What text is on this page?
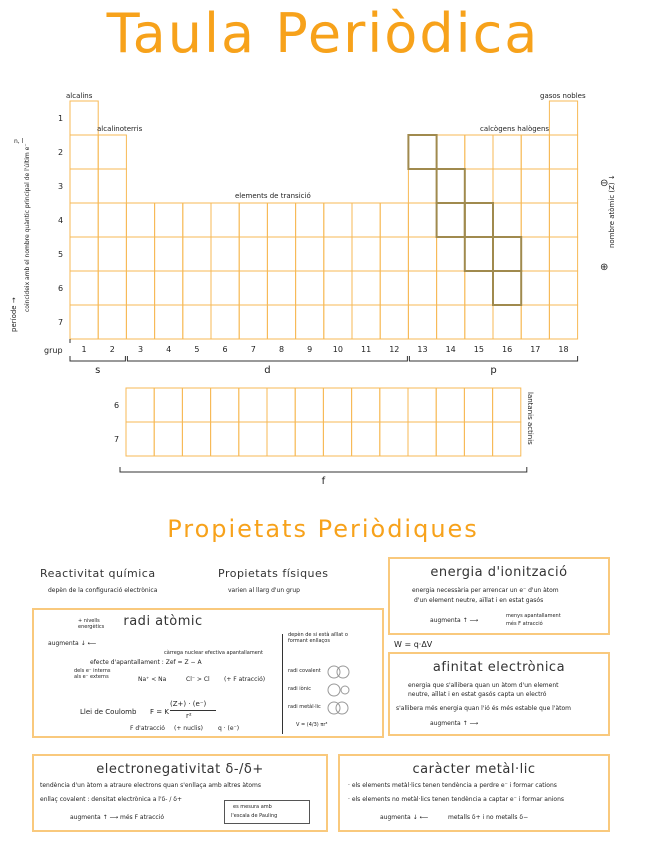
Taula Periòdica
s	d	p
f
1
2
3
4
5
6
7
1	2	3	4	5	6	7	8	9	10 11 12 13 14 15 16 17 18
6
7
alcalins
alcalinoterris
elements de transició
calcògens halògens
gasos nobles
grup
període →
coincideix amb el nombre quàntic principal de l'últim e⁻
n, l
nombre atòmic (Z) ↓
⊖
⊕
lantanis actinis
Propietats Periòdiques
Reactivitat química
depèn de la configuració electrònica
Propietats físiques
varien al llarg d'un grup
energia d'ionització
energia necessària per arrencar un e⁻ d'un àtom
d'un element neutre, aïllat i en estat gasós
augmenta ↑ ⟶
menys apantallament
més F atracció
radi atòmic
+ nivells energètics
augmenta ↓ ⟵
càrrega nuclear efectiva apantallament
efecte d'apantallament : Zef = Z − A
dels e⁻ interns als e⁻ externs	Na⁺ < Na	Cl⁻ > Cl (+ F atracció)
Llei de Coulomb F = K
(Z+) · (e⁻)
r²
F d'atracció (+ nuclis)	q · (e⁻)
depèn de si està aïllat o formant enllaços
radi covalent
radi iònic
radi metàl·lic
V = (4/3) πr³
W = q·ΔV
afinitat electrònica
energia que s'allibera quan un àtom d'un element
neutre, aïllat i en estat gasós capta un electró
s'allibera més energia quan l'ió és més estable que l'àtom
augmenta ↑ ⟶
electronegativitat δ-/δ+
tendència d'un àtom a atraure electrons quan s'enllaça amb altres àtoms
enllaç covalent : densitat electrònica a l'δ- / δ+
augmenta ↑ ⟶ més F atracció
es mesura amb
l'escala de Pauling
caràcter metàl·lic
· els elements metàl·lics tenen tendència a perdre e⁻ i formar cations
· els elements no metàl·lics tenen tendència a captar e⁻ i formar anions
augmenta ↓ ⟵	metalls δ+ i no metalls δ−
